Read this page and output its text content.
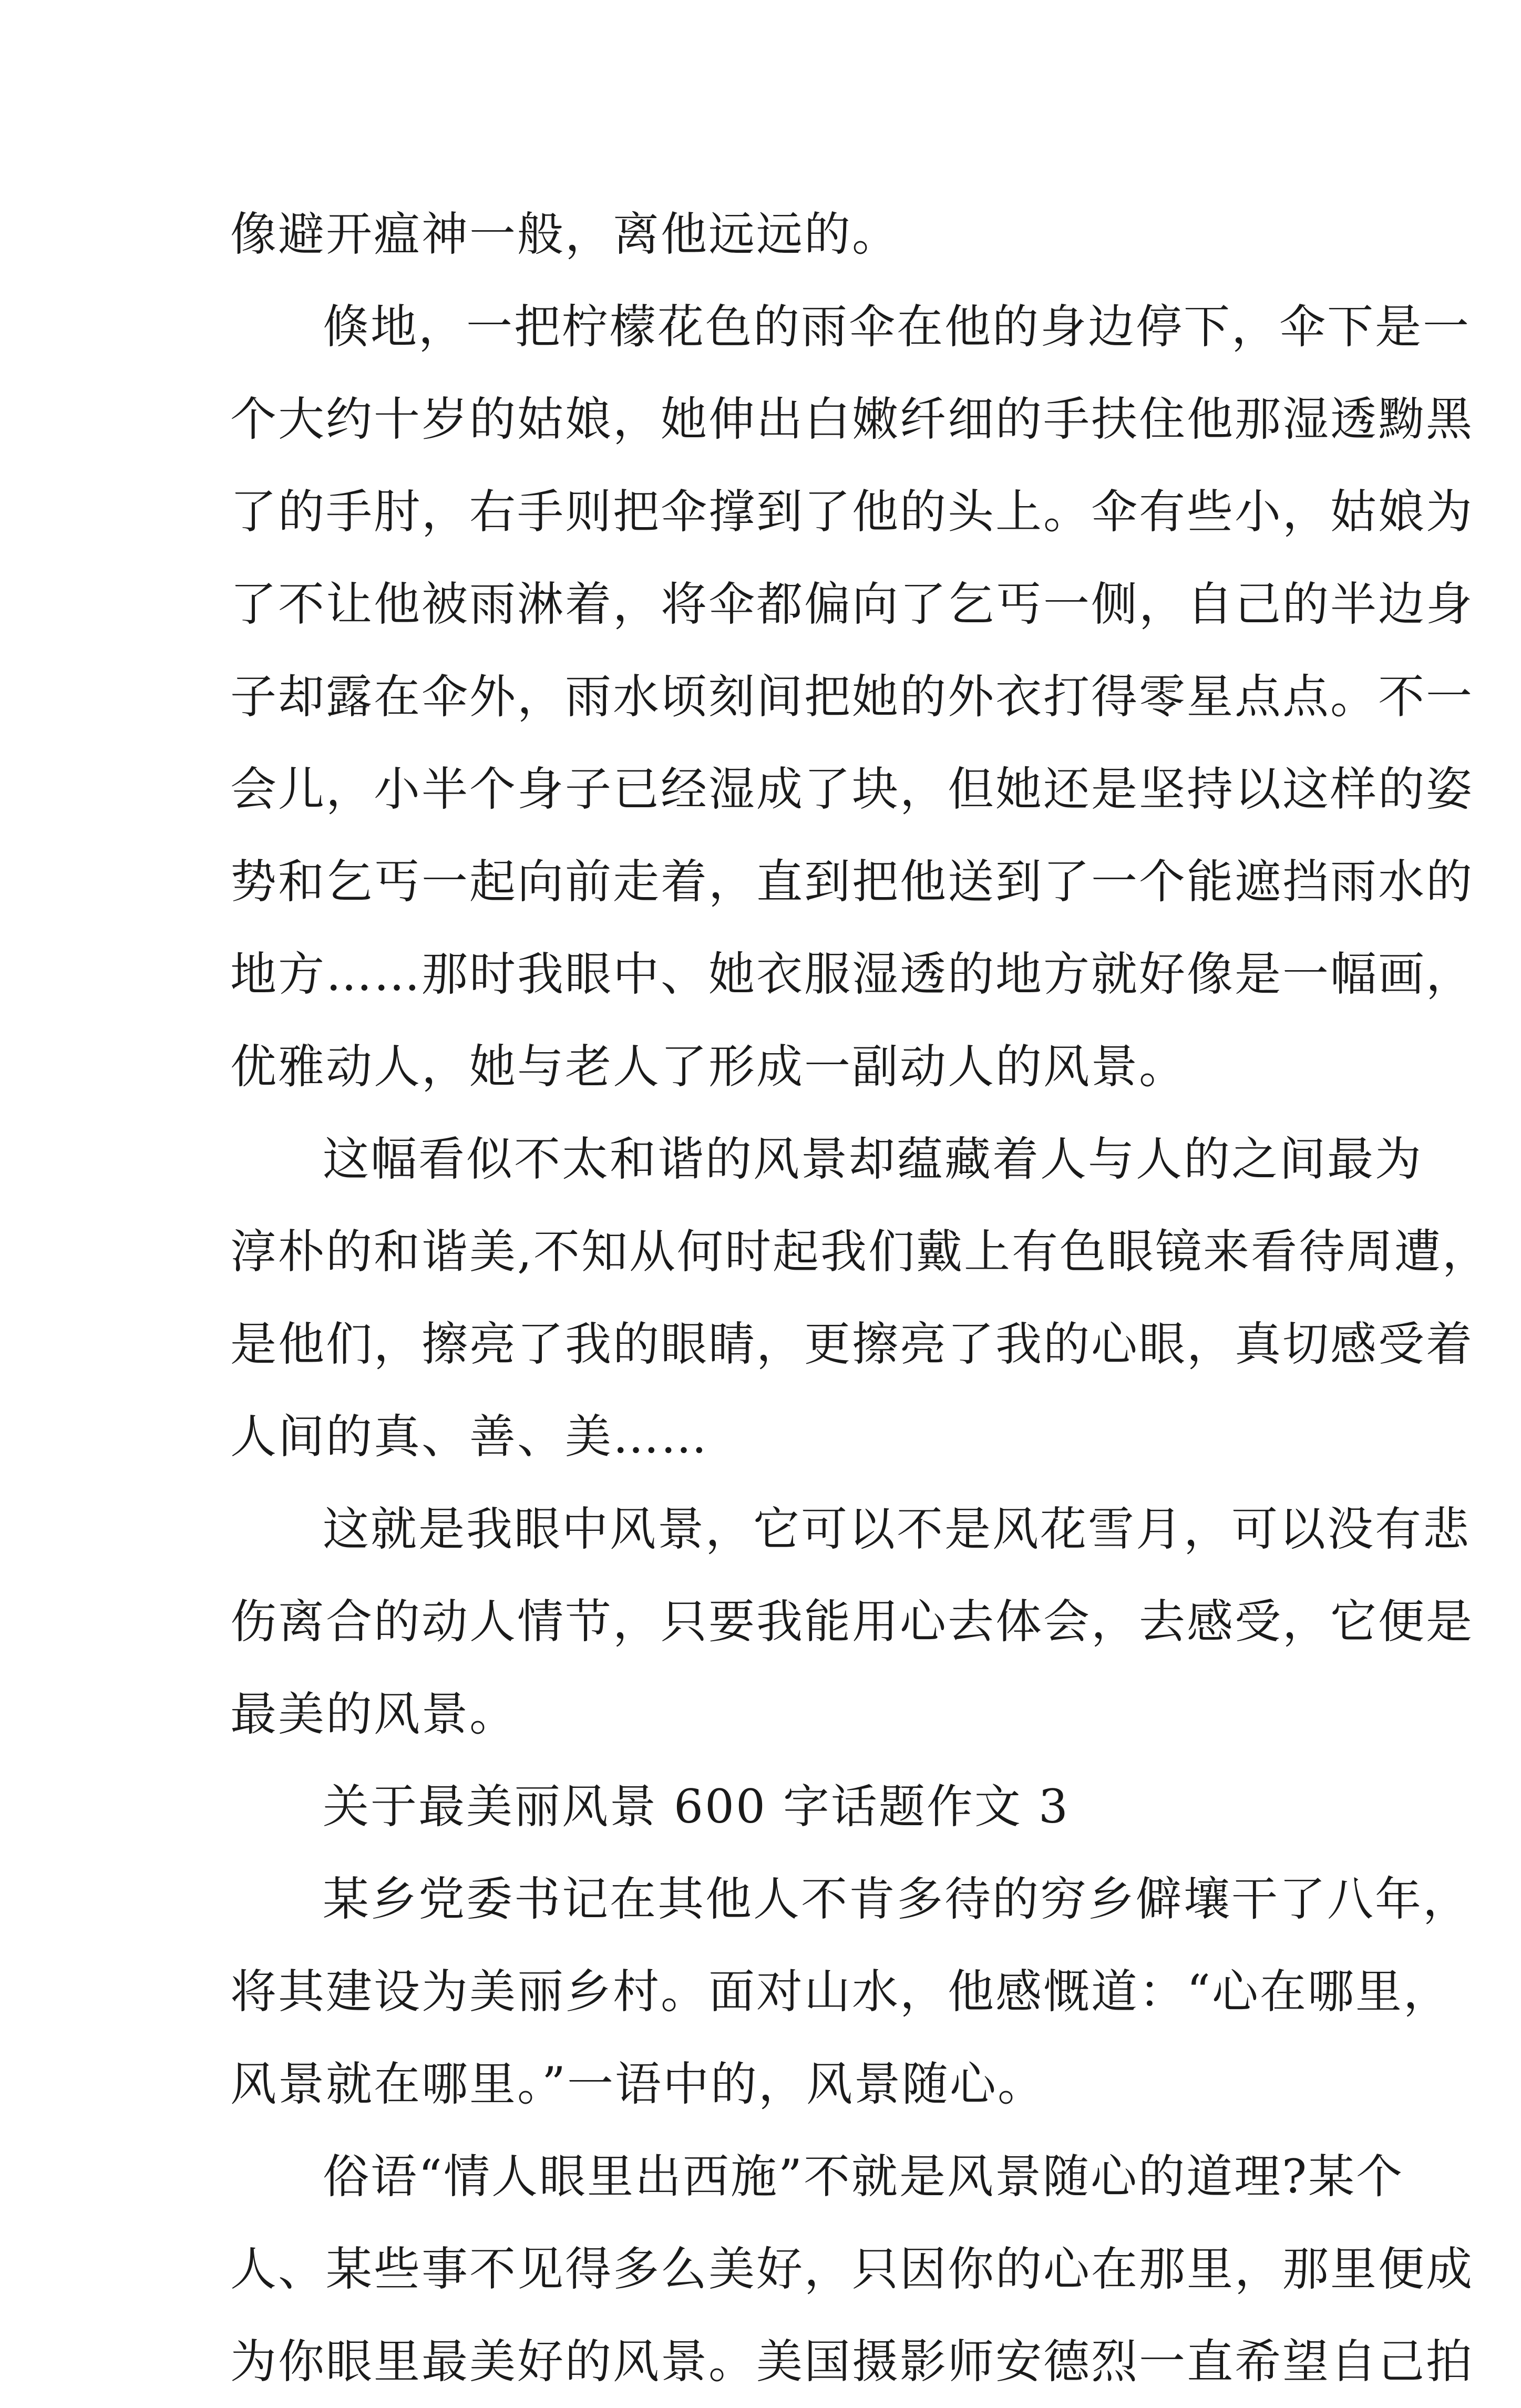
像避开瘟神一般，离他远远的。
倏地，一把柠檬花色的雨伞在他的身边停下，伞下是一
个大约十岁的姑娘，她伸出白嫩纤细的手扶住他那湿透黝黑
了的手肘，右手则把伞撑到了他的头上。伞有些小，姑娘为
了不让他被雨淋着，将伞都偏向了乞丐一侧，自己的半边身
子却露在伞外，雨水顷刻间把她的外衣打得零星点点。不一
会儿，小半个身子已经湿成了块，但她还是坚持以这样的姿
势和乞丐一起向前走着，直到把他送到了一个能遮挡雨水的
地方……那时我眼中、她衣服湿透的地方就好像是一幅画，
优雅动人，她与老人了形成一副动人的风景。
这幅看似不太和谐的风景却蕴藏着人与人的之间最为
淳朴的和谐美,不知从何时起我们戴上有色眼镜来看待周遭，
是他们，擦亮了我的眼睛，更擦亮了我的心眼，真切感受着
人间的真、善、美……
这就是我眼中风景，它可以不是风花雪月，可以没有悲
伤离合的动人情节，只要我能用心去体会，去感受，它便是
最美的风景。
关于最美丽风景 600 字话题作文 3
某乡党委书记在其他人不肯多待的穷乡僻壤干了八年，
将其建设为美丽乡村。面对山水，他感慨道：“心在哪里，
风景就在哪里。”一语中的，风景随心。
俗语“情人眼里出西施”不就是风景随心的道理?某个
人、某些事不见得多么美好，只因你的心在那里，那里便成
为你眼里最美好的风景。美国摄影师安德烈一直希望自己拍
